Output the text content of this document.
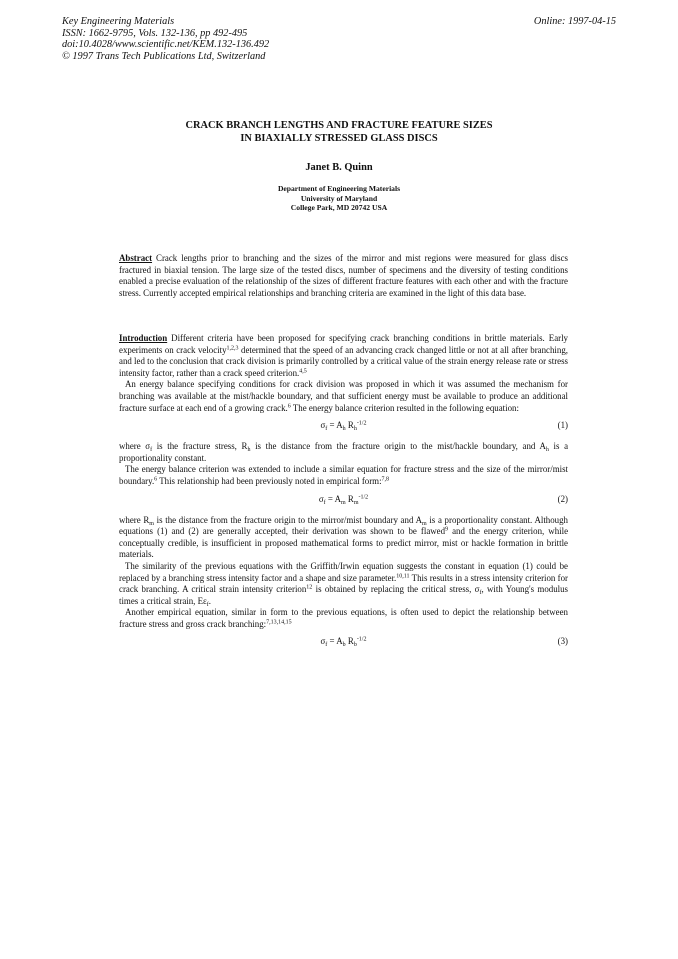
Key Engineering Materials
ISSN: 1662-9795, Vols. 132-136, pp 492-495
doi:10.4028/www.scientific.net/KEM.132-136.492
© 1997 Trans Tech Publications Ltd, Switzerland
Online: 1997-04-15
CRACK BRANCH LENGTHS AND FRACTURE FEATURE SIZES
IN BIAXIALLY STRESSED GLASS DISCS
Janet B. Quinn
Department of Engineering Materials
University of Maryland
College Park, MD 20742 USA

Abstract Crack lengths prior to branching and the sizes of the mirror and mist regions were measured for glass discs fractured in biaxial tension. The large size of the tested discs, number of specimens and the diversity of testing conditions enabled a precise evaluation of the relationship of the sizes of different fracture features with each other and with the fracture stress. Currently accepted empirical relationships and branching criteria are examined in the light of this data base.

Introduction Different criteria have been proposed for specifying crack branching conditions in brittle materials. Early experiments on crack velocity$^{1,2,3}$ determined that the speed of an advancing crack changed little or not at all after branching, and led to the conclusion that crack division is primarily controlled by a critical value of the strain energy release rate or stress intensity factor, rather than a crack speed criterion.$^{4,5}$

An energy balance specifying conditions for crack division was proposed in which it was assumed the mechanism for branching was available at the mist/hackle boundary, and that sufficient energy must be available to produce an additional fracture surface at each end of a growing crack.$^6$ The energy balance criterion resulted in the following equation:

$\sigma_f = A_h$ $R_h^{-1/2}$	(1)

where $\sigma_f$ is the fracture stress, $R_h$ is the distance from the fracture origin to the mist/hackle boundary, and $A_h$ is a proportionality constant.

The energy balance criterion was extended to include a similar equation for fracture stress and the size of the mirror/mist boundary.$^6$ This relationship had been previously noted in empirical form:$^{7,8}$

$\sigma_f = A_m$ $R_m^{-1/2}$	(2)

where $R_m$ is the distance from the fracture origin to the mirror/mist boundary and $A_m$ is a proportionality constant. Although equations (1) and (2) are generally accepted, their derivation was shown to be flawed$^9$ and the energy criterion, while conceptually credible, is insufficient in proposed mathematical forms to predict mirror, mist or hackle formation in brittle materials.

The similarity of the previous equations with the Griffith/Irwin equation suggests the constant in equation (1) could be replaced by a branching stress intensity factor and a shape and size parameter.$^{10,11}$ This results in a stress intensity criterion for crack branching. A critical strain intensity criterion$^{12}$ is obtained by replacing the critical stress, $\sigma_f$, with Young's modulus times a critical strain, $E\varepsilon_f$.

Another empirical equation, similar in form to the previous equations, is often used to depict the relationship between fracture stress and gross crack branching:$^{7,13,14,15}$

$\sigma_f = A_b$ $R_b^{-1/2}$	(3)
